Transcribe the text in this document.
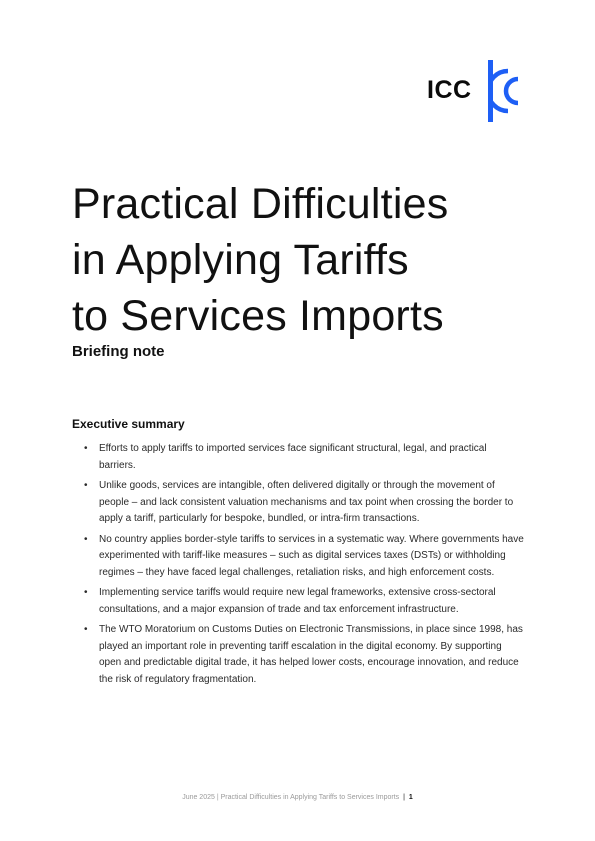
ICC
Practical Difficulties
in Applying Tariffs
to Services Imports
Briefing note
Executive summary
• Efforts to apply tariffs to imported services face significant structural, legal, and practical barriers.
• Unlike goods, services are intangible, often delivered digitally or through the movement of people – and lack consistent valuation mechanisms and tax point when crossing the border to apply a tariff, particularly for bespoke, bundled, or intra-firm transactions.
• No country applies border-style tariffs to services in a systematic way. Where governments have experimented with tariff-like measures – such as digital services taxes (DSTs) or withholding regimes – they have faced legal challenges, retaliation risks, and high enforcement costs.
• Implementing service tariffs would require new legal frameworks, extensive cross-sectoral consultations, and a major expansion of trade and tax enforcement infrastructure.
• The WTO Moratorium on Customs Duties on Electronic Transmissions, in place since 1998, has played an important role in preventing tariff escalation in the digital economy. By supporting open and predictable digital trade, it has helped lower costs, encourage innovation, and reduce the risk of regulatory fragmentation.
June 2025 | Practical Difficulties in Applying Tariffs to Services Imports | 1
